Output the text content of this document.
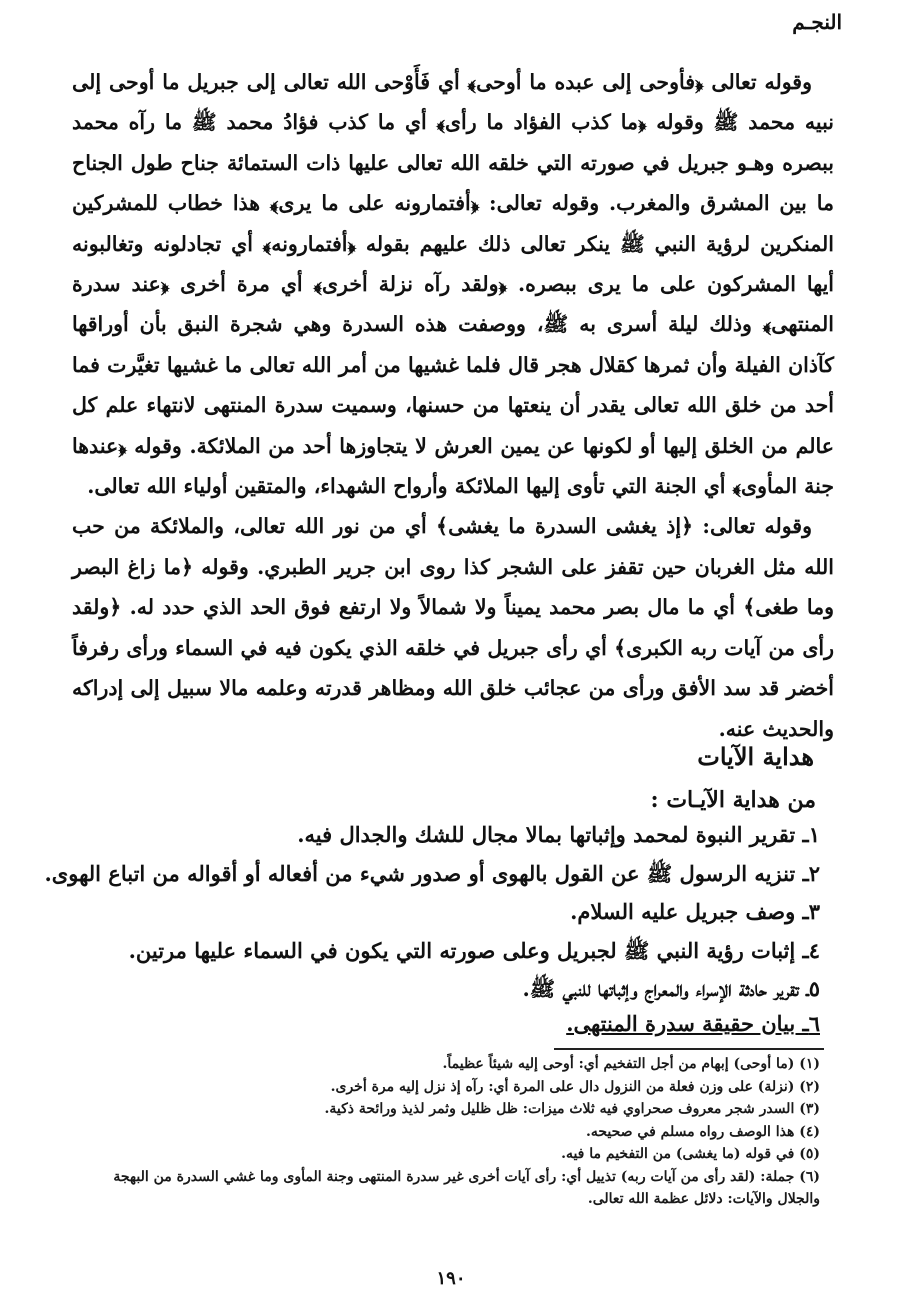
النجـم

وقوله تعالى ﴿فأوحى إلى عبده ما أوحى﴾ أي فَأَوْحى الله تعالى إلى جبريل ما أوحى إلى نبيه محمد ﷺ وقوله ﴿ما كذب الفؤاد ما رأى﴾ أي ما كذب فؤادُ محمد ﷺ ما رآه محمد ببصره وهـو جبريل في صورته التي خلقه الله تعالى عليها ذات الستمائة جناح طول الجناح ما بين المشرق والمغرب. وقوله تعالى: ﴿أفتمارونه على ما يرى﴾ هذا خطاب للمشركين المنكرين لرؤية النبي ﷺ ينكر تعالى ذلك عليهم بقوله ﴿أفتمارونه﴾ أي تجادلونه وتغالبونه أيها المشركون على ما يرى ببصره. ﴿ولقد رآه نزلة أخرى﴾ أي مرة أخرى ﴿عند سدرة المنتهى﴾ وذلك ليلة أسرى به ﷺ، ووصفت هذه السدرة وهي شجرة النبق بأن أوراقها كآذان الفيلة وأن ثمرها كقلال هجر قال فلما غشيها من أمر الله تعالى ما غشيها تغيَّرت فما أحد من خلق الله تعالى يقدر أن ينعتها من حسنها، وسميت سدرة المنتهى لانتهاء علم كل عالم من الخلق إليها أو لكونها عن يمين العرش لا يتجاوزها أحد من الملائكة. وقوله ﴿عندها جنة المأوى﴾ أي الجنة التي تأوى إليها الملائكة وأرواح الشهداء، والمتقين أولياء الله تعالى.

وقوله تعالى: ﴿إذ يغشى السدرة ما يغشى﴾ أي من نور الله تعالى، والملائكة من حب الله مثل الغربان حين تقفز على الشجر كذا روى ابن جرير الطبري. وقوله ﴿ما زاغ البصر وما طغى﴾ أي ما مال بصر محمد يميناً ولا شمالاً ولا ارتفع فوق الحد الذي حدد له. ﴿ولقد رأى من آيات ربه الكبرى﴾ أي رأى جبريل في خلقه الذي يكون فيه في السماء ورأى رفرفاً أخضر قد سد الأفق ورأى من عجائب خلق الله ومظاهر قدرته وعلمه مالا سبيل إلى إدراكه والحديث عنه.

هداية الآيات
من هداية الآيـات :
١ـ تقرير النبوة لمحمد وإثباتها بمالا مجال للشك والجدال فيه.
٢ـ تنزيه الرسول ﷺ عن القول بالهوى أو صدور شيء من أفعاله أو أقواله من اتباع الهوى.
٣ـ وصف جبريل عليه السلام.
٤ـ إثبات رؤية النبي ﷺ لجبريل وعلى صورته التي يكون في السماء عليها مرتين.
٥ـ تقرير حادثة الإسراء والمعراج وإثباتها للنبي ﷺ.
٦ـ بيان حقيقة سدرة المنتهى.
(١) (ما أوحى) إبهام من أجل التفخيم أي: أوحى إليه شيئاً عظيماً.
(٢) (نزلة) على وزن فعلة من النزول دال على المرة أي: رآه إذ نزل إليه مرة أخرى.
(٣) السدر شجر معروف صحراوي فيه ثلاث ميزات: ظل ظليل وثمر لذيذ ورائحة ذكية.
(٤) هذا الوصف رواه مسلم في صحيحه.
(٥) في قوله (ما يغشى) من التفخيم ما فيه.
(٦) جملة: (لقد رأى من آيات ربه) تذييل أي: رأى آيات أخرى غير سدرة المنتهى وجنة المأوى وما غشي السدرة من البهجة والجلال والآيات: دلائل عظمة الله تعالى.
١٩٠
